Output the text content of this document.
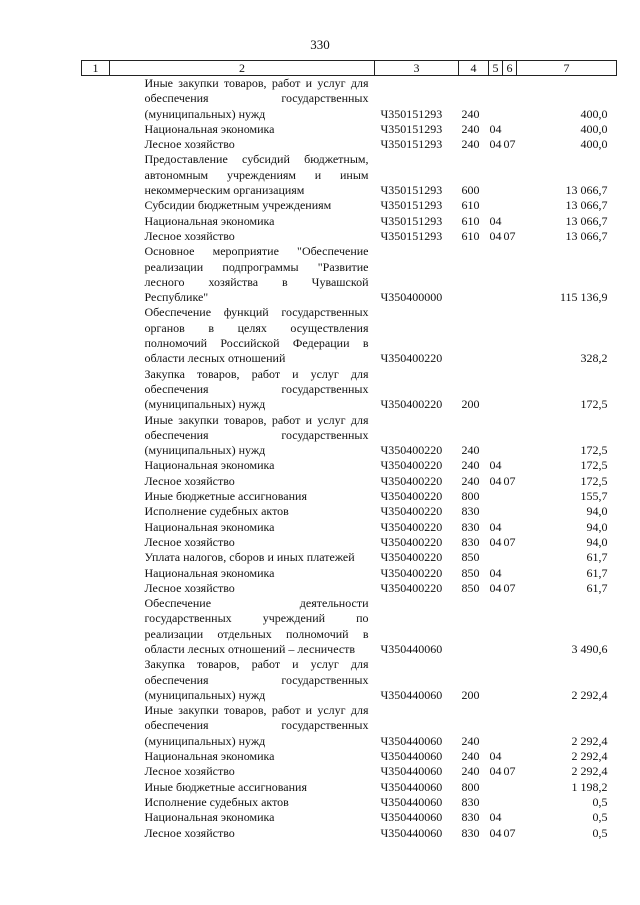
330
1	2	3	4	5	6	7
	Иные закупки товаров, работ и услуг для обеспечения государственных (муниципальных) нужд	Ч350151293	240			400,0
	Национальная экономика	Ч350151293	240	04		400,0
	Лесное хозяйство	Ч350151293	240	04	07	400,0
	Предоставление субсидий бюджетным, автономным учреждениям и иным некоммерческим организациям	Ч350151293	600			13 066,7
	Субсидии бюджетным учреждениям	Ч350151293	610			13 066,7
	Национальная экономика	Ч350151293	610	04		13 066,7
	Лесное хозяйство	Ч350151293	610	04	07	13 066,7
	Основное мероприятие "Обеспечение реализации подпрограммы "Развитие лесного хозяйства в Чувашской Республике"	Ч350400000				115 136,9
	Обеспечение функций государственных органов в целях осуществления полномочий Российской Федерации в области лесных отношений	Ч350400220				328,2
	Закупка товаров, работ и услуг для обеспечения государственных (муниципальных) нужд	Ч350400220	200			172,5
	Иные закупки товаров, работ и услуг для обеспечения государственных (муниципальных) нужд	Ч350400220	240			172,5
	Национальная экономика	Ч350400220	240	04		172,5
	Лесное хозяйство	Ч350400220	240	04	07	172,5
	Иные бюджетные ассигнования	Ч350400220	800			155,7
	Исполнение судебных актов	Ч350400220	830			94,0
	Национальная экономика	Ч350400220	830	04		94,0
	Лесное хозяйство	Ч350400220	830	04	07	94,0
	Уплата налогов, сборов и иных платежей	Ч350400220	850			61,7
	Национальная экономика	Ч350400220	850	04		61,7
	Лесное хозяйство	Ч350400220	850	04	07	61,7
	Обеспечение деятельности государственных учреждений по реализации отдельных полномочий в области лесных отношений – лесничеств	Ч350440060				3 490,6
	Закупка товаров, работ и услуг для обеспечения государственных (муниципальных) нужд	Ч350440060	200			2 292,4
	Иные закупки товаров, работ и услуг для обеспечения государственных (муниципальных) нужд	Ч350440060	240			2 292,4
	Национальная экономика	Ч350440060	240	04		2 292,4
	Лесное хозяйство	Ч350440060	240	04	07	2 292,4
	Иные бюджетные ассигнования	Ч350440060	800			1 198,2
	Исполнение судебных актов	Ч350440060	830			0,5
	Национальная экономика	Ч350440060	830	04		0,5
	Лесное хозяйство	Ч350440060	830	04	07	0,5
